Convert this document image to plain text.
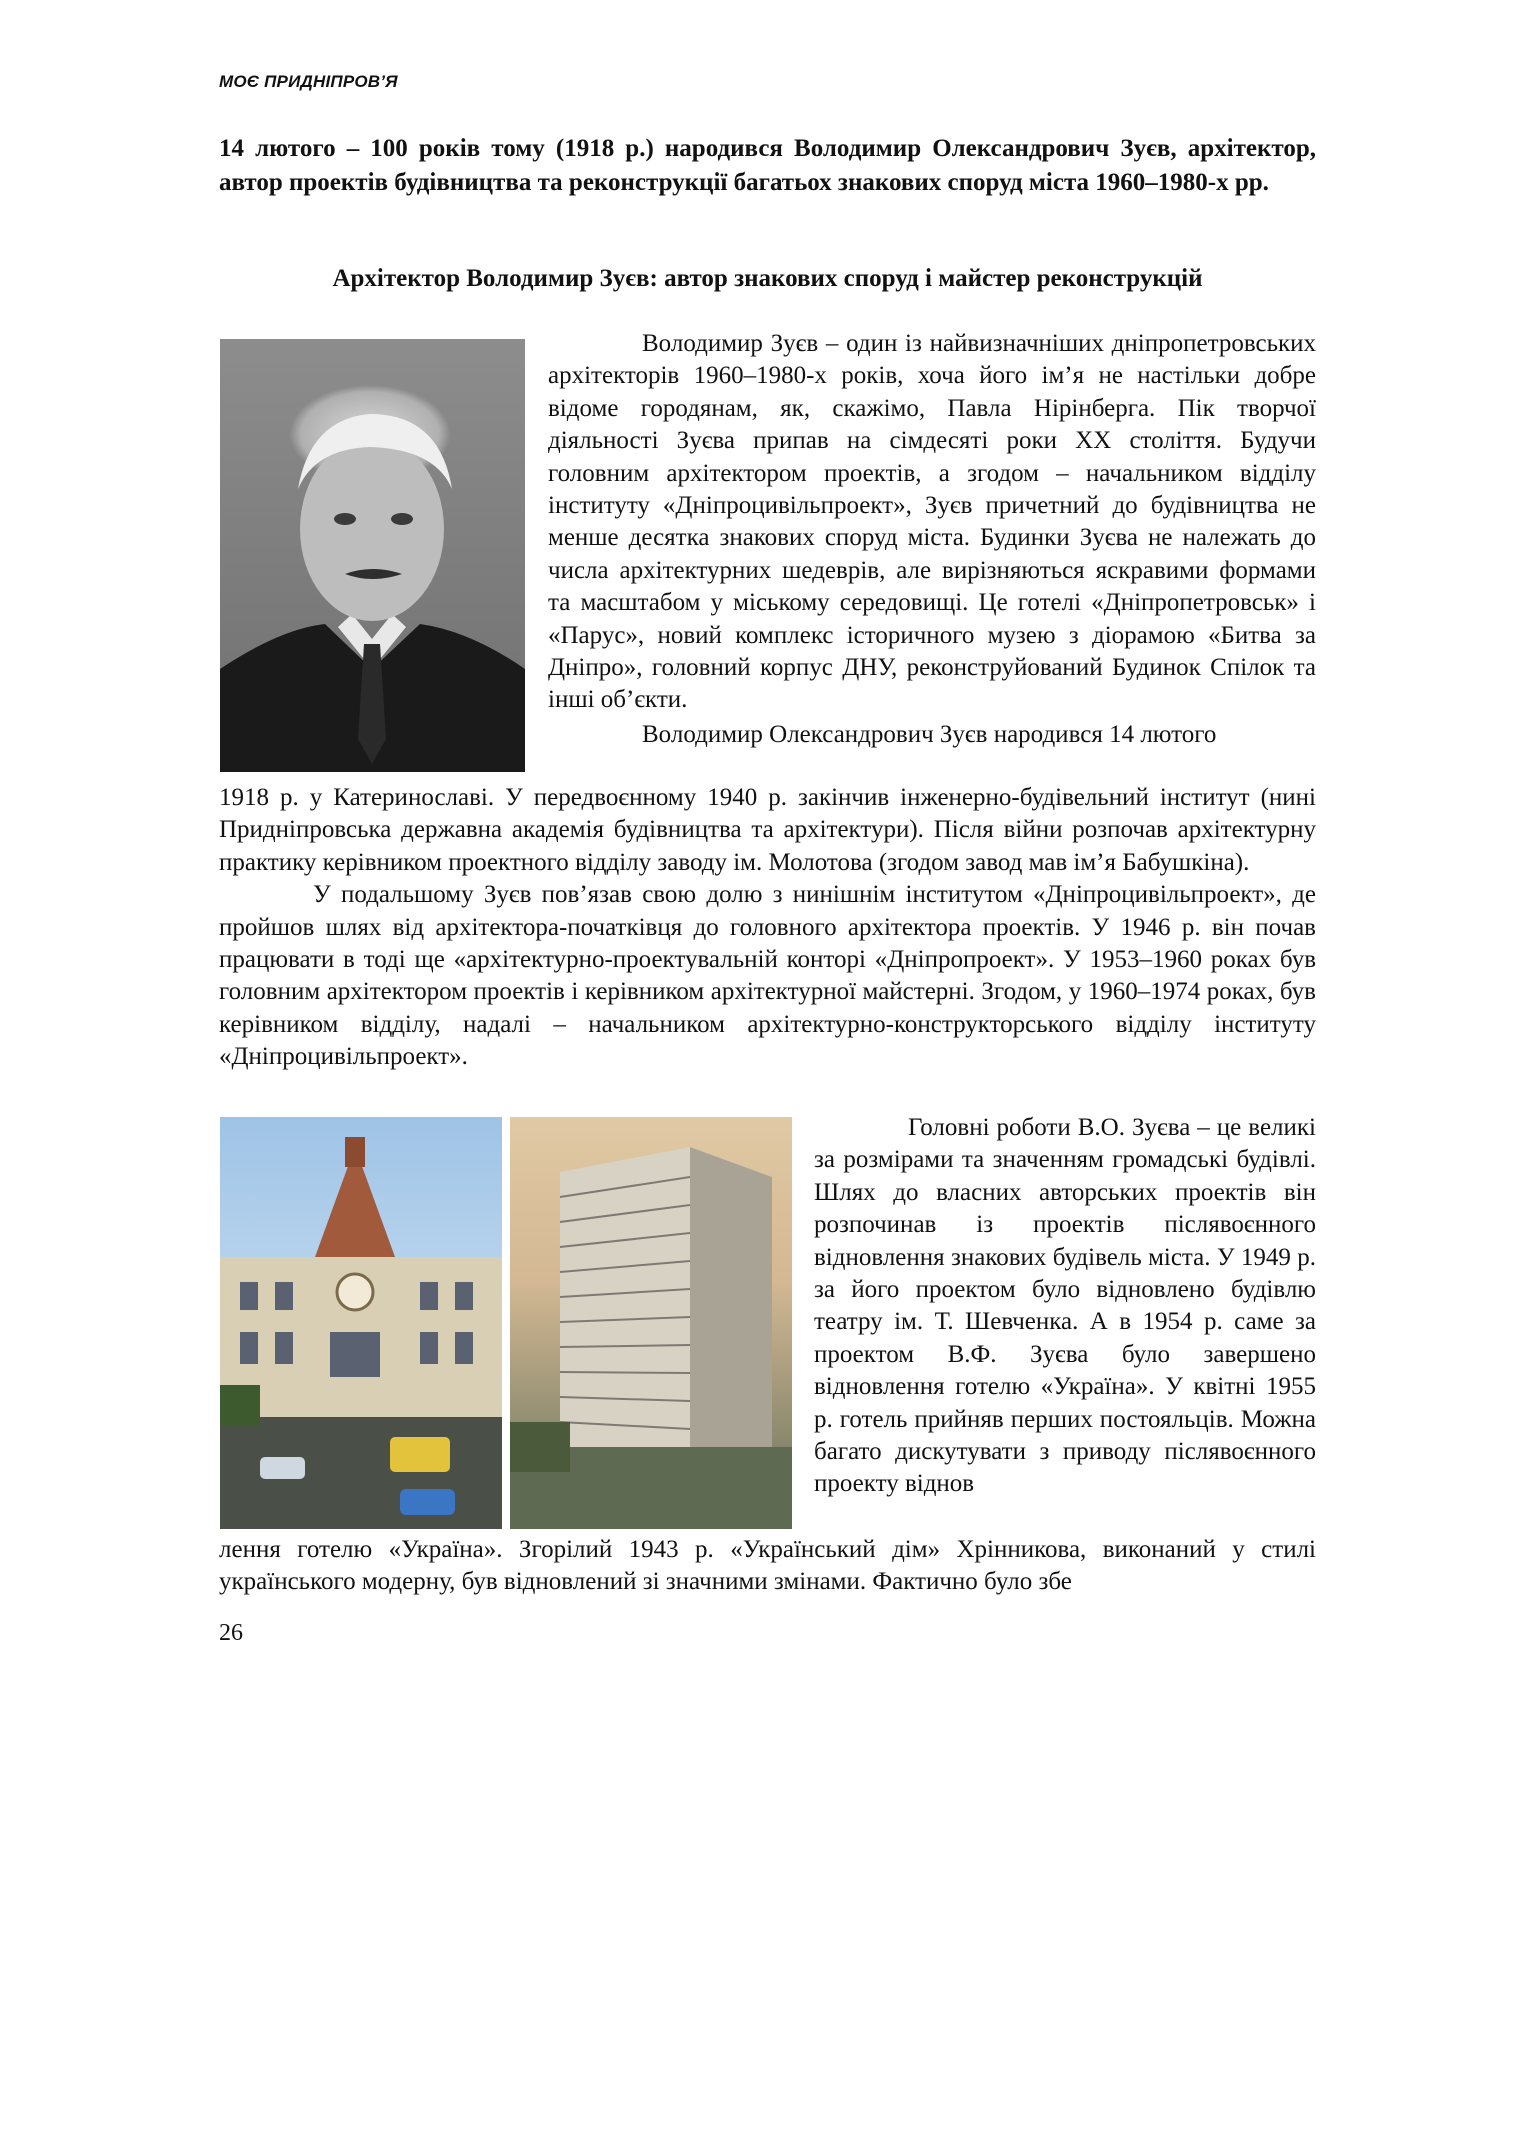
МОЄ ПРИДНІПРОВ’Я
14 лютого – 100 років тому (1918 р.) народився Володимир Олександрович Зуєв, архітектор, автор проектів будівництва та реконструкції багатьох знакових споруд міста 1960–1980-х рр.
Архітектор Володимир Зуєв: автор знакових споруд і майстер реконструкцій

Володимир Зуєв – один із найвизначніших дніпропетровських архітекторів 1960–1980-х років, хоча його ім’я не настільки добре відоме городянам, як, скажімо, Павла Нірінберга. Пік творчої діяльності Зуєва припав на сімдесяті роки ХХ століття. Будучи головним архітектором проектів, а згодом – начальником відділу інституту «Дніпроцивільпроект», Зуєв причетний до будівництва не менше десятка знакових споруд міста. Будинки Зуєва не належать до числа архітектурних шедеврів, але вирізняються яскравими формами та масштабом у міському середовищі. Це готелі «Дніпропетровськ» і «Парус», новий комплекс історичного музею з діорамою «Битва за Дніпро», головний корпус ДНУ, реконструйований Будинок Спілок та інші об’єкти.

Володимир Олександрович Зуєв народився 14 лютого

1918 р. у Катеринославі. У передвоєнному 1940 р. закінчив інженерно-будівельний інститут (нині Придніпровська державна академія будівництва та архітектури). Після війни розпочав архітектурну практику керівником проектного відділу заводу ім. Молотова (згодом завод мав ім’я Бабушкіна).

У подальшому Зуєв пов’язав свою долю з нинішнім інститутом «Дніпроцивільпроект», де пройшов шлях від архітектора-початківця до головного архітектора проектів. У 1946 р. він почав працювати в тоді ще «архітектурно-проектувальній конторі «Дніпропроект». У 1953–1960 роках був головним архітектором проектів і керівником архітектурної майстерні. Згодом, у 1960–1974 роках, був керівником відділу, надалі – начальником архітектурно-конструкторського відділу інституту «Дніпроцивільпроект».

Головні роботи В.О. Зуєва – це великі за розмірами та значенням громадські будівлі. Шлях до власних авторських проектів він розпочинав із проектів післявоєнного відновлення знакових будівель міста. У 1949 р. за його проектом було відновлено будівлю театру ім. Т. Шевченка. А в 1954 р. саме за проектом В.Ф. Зуєва було завершено відновлення готелю «Україна». У квітні 1955 р. готель прийняв перших постояльців. Можна багато дискутувати з приводу післявоєнного проекту віднов

лення готелю «Україна». Згорілий 1943 р. «Український дім» Хрінникова, виконаний у стилі українського модерну, був відновлений зі значними змінами. Фактично було збе

26
